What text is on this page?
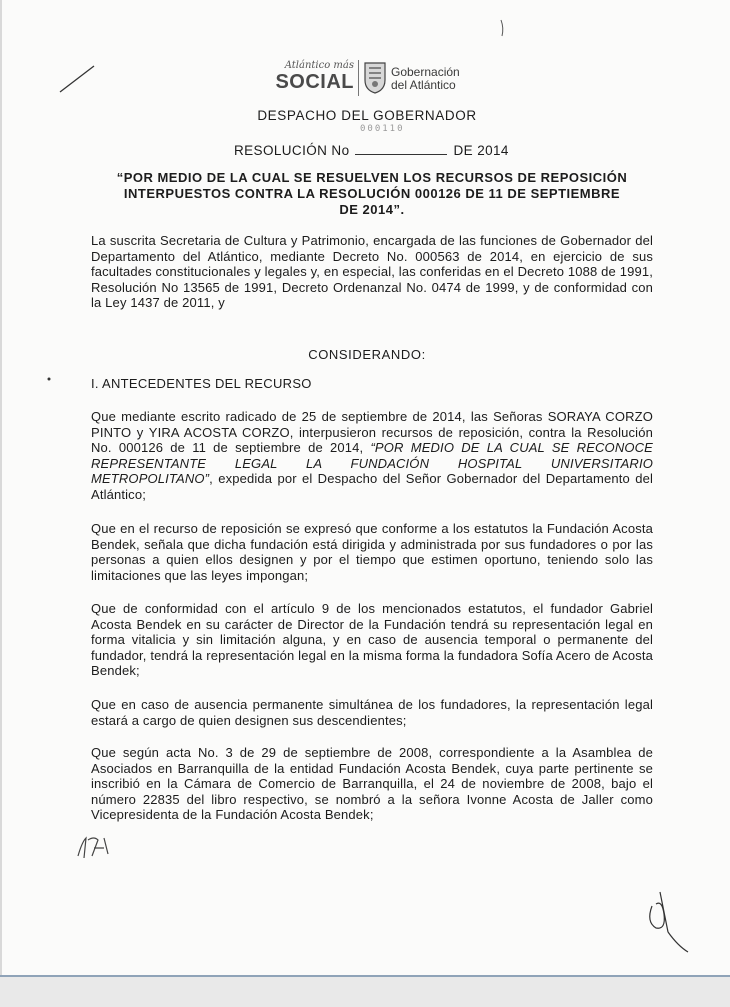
Atlántico más
SOCIAL	Gobernación
del Atlántico
DESPACHO DEL GOBERNADOR
000110
RESOLUCIÓN No	DE 2014
“POR MEDIO DE LA CUAL SE RESUELVEN LOS RECURSOS DE REPOSICIÓN
INTERPUESTOS CONTRA LA RESOLUCIÓN 000126 DE 11 DE SEPTIEMBRE
DE 2014”.
La suscrita Secretaria de Cultura y Patrimonio, encargada de las funciones de Gobernador del Departamento del Atlántico, mediante Decreto No. 000563 de 2014, en ejercicio de sus facultades constitucionales y legales y, en especial, las conferidas en el Decreto 1088 de 1991, Resolución No 13565 de 1991, Decreto Ordenanzal No. 0474 de 1999, y de conformidad con la Ley 1437 de 2011, y
CONSIDERANDO:
I. ANTECEDENTES DEL RECURSO
Que mediante escrito radicado de 25 de septiembre de 2014, las Señoras SORAYA CORZO PINTO y YIRA ACOSTA CORZO, interpusieron recursos de reposición, contra la Resolución No. 000126 de 11 de septiembre de 2014, “POR MEDIO DE LA CUAL SE RECONOCE REPRESENTANTE LEGAL LA FUNDACIÓN HOSPITAL UNIVERSITARIO METROPOLITANO”, expedida por el Despacho del Señor Gobernador del Departamento del Atlántico;
Que en el recurso de reposición se expresó que conforme a los estatutos la Fundación Acosta Bendek, señala que dicha fundación está dirigida y administrada por sus fundadores o por las personas a quien ellos designen y por el tiempo que estimen oportuno, teniendo solo las limitaciones que las leyes impongan;
Que de conformidad con el artículo 9 de los mencionados estatutos, el fundador Gabriel Acosta Bendek en su carácter de Director de la Fundación tendrá su representación legal en forma vitalicia y sin limitación alguna, y en caso de ausencia temporal o permanente del fundador, tendrá la representación legal en la misma forma la fundadora Sofía Acero de Acosta Bendek;
Que en caso de ausencia permanente simultánea de los fundadores, la representación legal estará a cargo de quien designen sus descendientes;
Que según acta No. 3 de 29 de septiembre de 2008, correspondiente a la Asamblea de Asociados en Barranquilla de la entidad Fundación Acosta Bendek, cuya parte pertinente se inscribió en la Cámara de Comercio de Barranquilla, el 24 de noviembre de 2008, bajo el número 22835 del libro respectivo, se nombró a la señora Ivonne Acosta de Jaller como Vicepresidenta de la Fundación Acosta Bendek;
